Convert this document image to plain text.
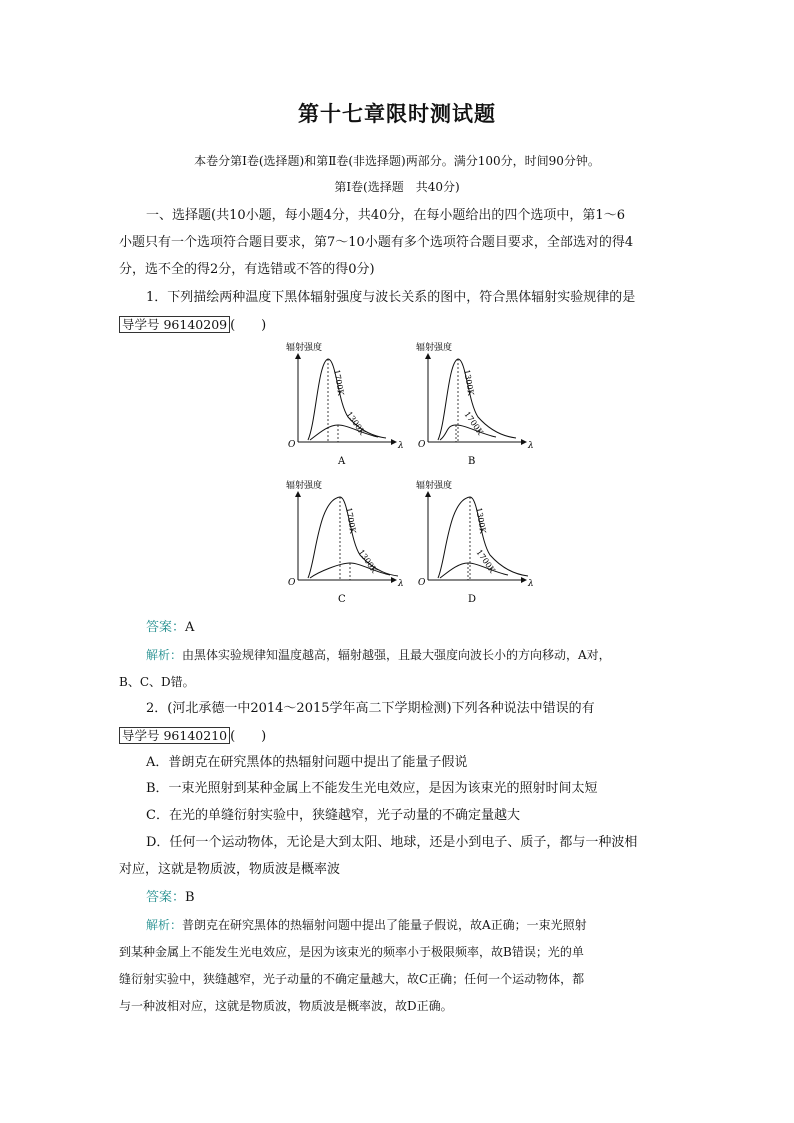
第十七章限时测试题
本卷分第Ⅰ卷(选择题)和第Ⅱ卷(非选择题)两部分。满分100分，时间90分钟。
第Ⅰ卷(选择题　共40分)
一、选择题(共10小题，每小题4分，共40分，在每小题给出的四个选项中，第1～6
小题只有一个选项符合题目要求，第7～10小题有多个选项符合题目要求，全部选对的得4
分，选不全的得2分，有选错或不答的得0分)
1．下列描绘两种温度下黑体辐射强度与波长关系的图中，符合黑体辐射实验规律的是
导学号 96140209 (　　)
辐射强度
λ
O
1700K
1300K
A
辐射强度
λ
O
1300K
1700K
B
辐射强度
λ
O
1700K
1300K
C
辐射强度
λ
O
1300K
1700K
D
答案：A
解析：由黑体实验规律知温度越高，辐射越强，且最大强度向波长小的方向移动，A对，
B、C、D错。
2．(河北承德一中2014～2015学年高二下学期检测)下列各种说法中错误的有
导学号 96140210 (　　)
A．普朗克在研究黑体的热辐射问题中提出了能量子假说
B．一束光照射到某种金属上不能发生光电效应，是因为该束光的照射时间太短
C．在光的单缝衍射实验中，狭缝越窄，光子动量的不确定量越大
D．任何一个运动物体，无论是大到太阳、地球，还是小到电子、质子，都与一种波相
对应，这就是物质波，物质波是概率波
答案：B
解析：普朗克在研究黑体的热辐射问题中提出了能量子假说，故A正确；一束光照射
到某种金属上不能发生光电效应，是因为该束光的频率小于极限频率，故B错误；光的单
缝衍射实验中，狭缝越窄，光子动量的不确定量越大，故C正确；任何一个运动物体，都
与一种波相对应，这就是物质波，物质波是概率波，故D正确。
